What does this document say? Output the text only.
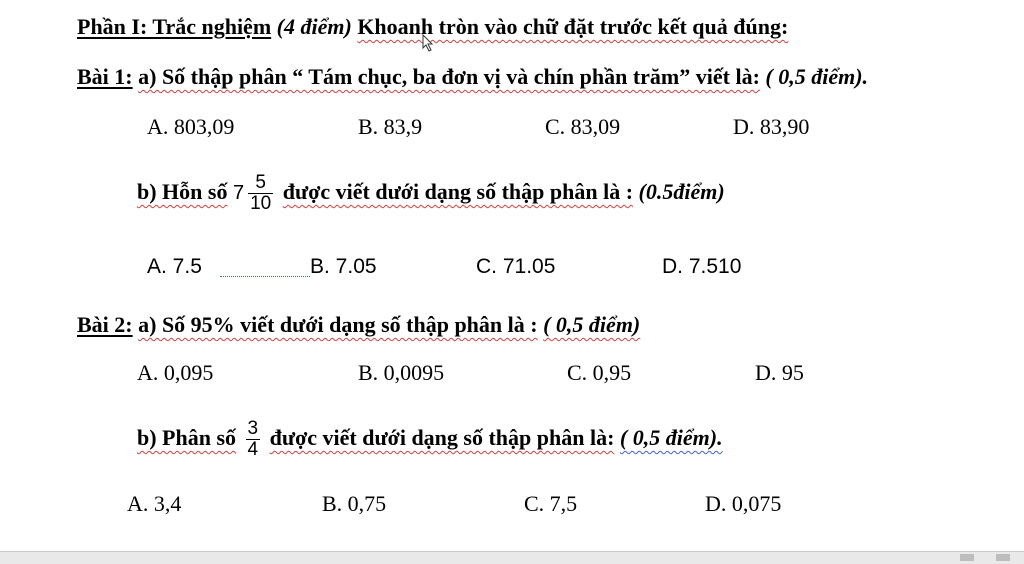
Phần I: Trắc nghiệm (4 điểm) Khoanh tròn vào chữ đặt trước kết quả đúng:
Bài 1: a) Số thập phân “ Tám chục, ba đơn vị và chín phần trăm” viết là: ( 0,5 điểm).
A. 803,09	B. 83,9	C. 83,09	D. 83,90
b) Hỗn số $7 \frac{5}{10}$ được viết dưới dạng số thập phân là : (0.5điểm)
A. 7.5	B. 7.05	C. 71.05	D. 7.510
Bài 2: a) Số 95% viết dưới dạng số thập phân là : ( 0,5 điểm)
A. 0,095	B. 0,0095	C. 0,95	D. 95
b) Phân số $\frac{3}{4}$ được viết dưới dạng số thập phân là: ( 0,5 điểm).
A. 3,4	B. 0,75	C. 7,5	D. 0,075
